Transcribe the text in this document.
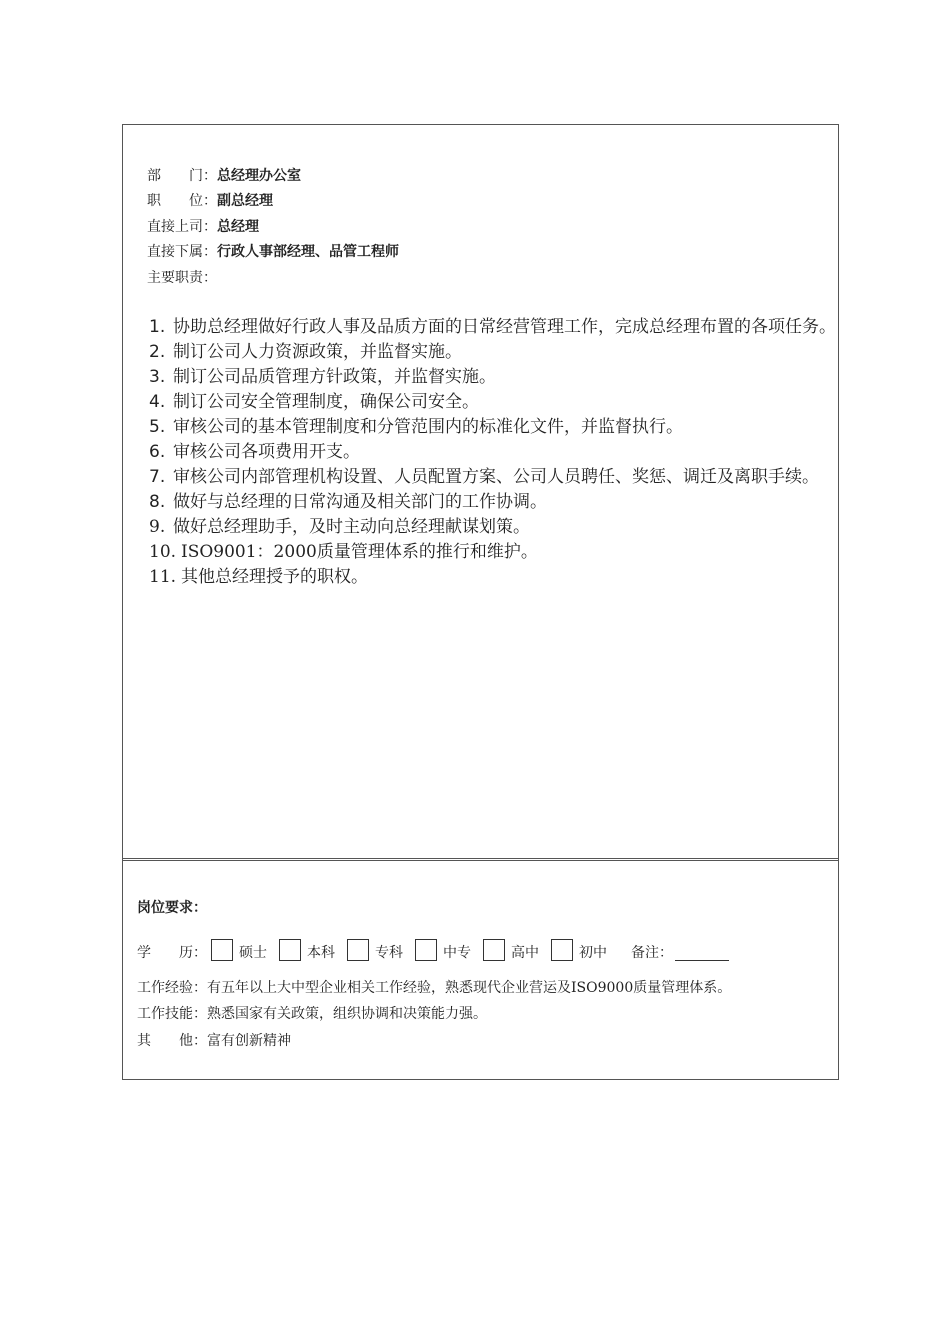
部　　门：总经理办公室
职　　位：副总经理
直接上司：总经理
直接下属：行政人事部经理、品管工程师
主要职责：

1. 协助总经理做好行政人事及品质方面的日常经营管理工作，完成总经理布置的各项任务。

2. 制订公司人力资源政策，并监督实施。

3. 制订公司品质管理方针政策，并监督实施。

4. 制订公司安全管理制度，确保公司安全。

5. 审核公司的基本管理制度和分管范围内的标准化文件，并监督执行。

6. 审核公司各项费用开支。

7. 审核公司内部管理机构设置、人员配置方案、公司人员聘任、奖惩、调迁及离职手续。

8. 做好与总经理的日常沟通及相关部门的工作协调。

9. 做好总经理助手，及时主动向总经理献谋划策。

10. ISO9001：2000质量管理体系的推行和维护。

11. 其他总经理授予的职权。

岗位要求：
学　　历： 硕士	本科	专科	中专	高中	初中 备注：
工作经验：有五年以上大中型企业相关工作经验，熟悉现代企业营运及ISO9000质量管理体系。
工作技能：熟悉国家有关政策，组织协调和决策能力强。
其　　他：富有创新精神
